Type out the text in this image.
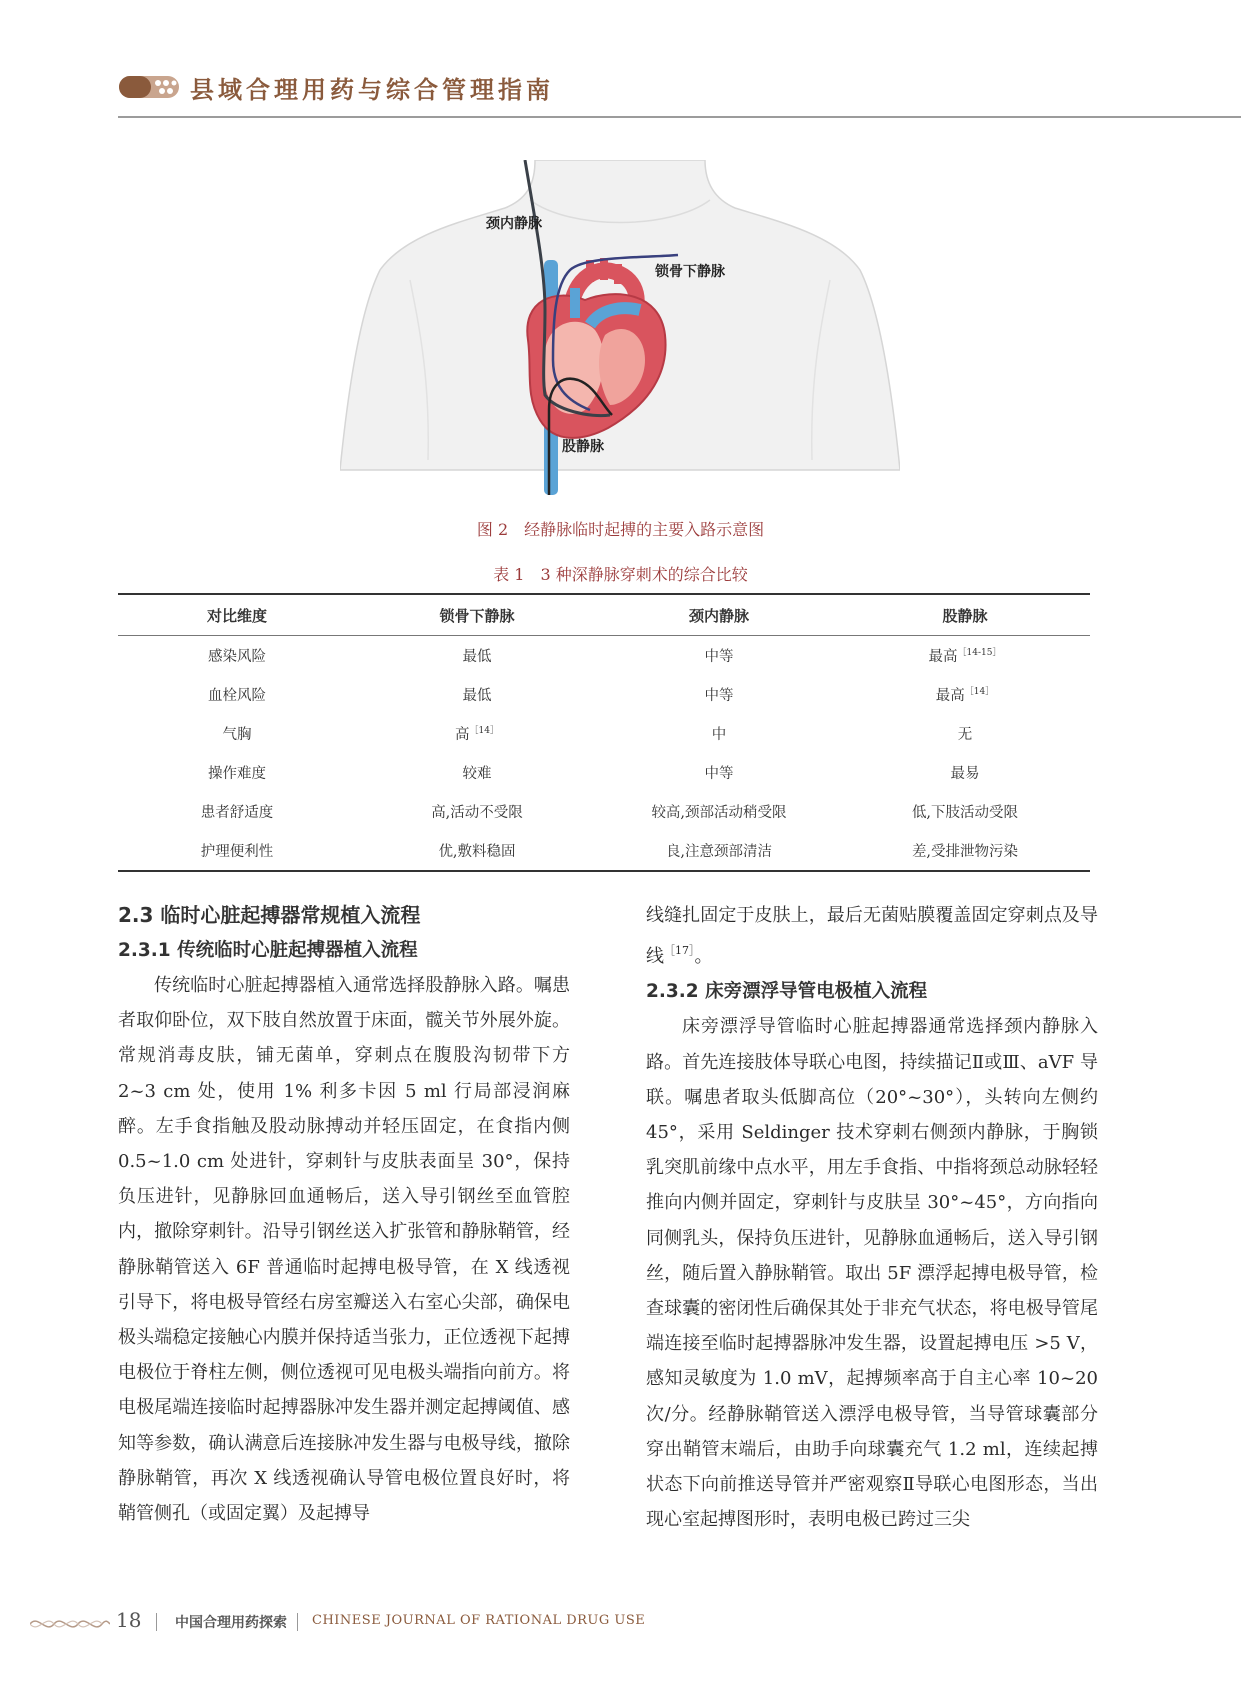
县域合理用药与综合管理指南
颈内静脉
锁骨下静脉
股静脉
图 2　经静脉临时起搏的主要入路示意图
表 1　3 种深静脉穿刺术的综合比较
对比维度	锁骨下静脉	颈内静脉	股静脉
感染风险	最低	中等	最高$^{[14-15]}$
血栓风险	最低	中等	最高$^{[14]}$
气胸	高$^{[14]}$	中	无
操作难度	较难	中等	最易
患者舒适度	高,活动不受限	较高,颈部活动稍受限	低,下肢活动受限
护理便利性	优,敷料稳固	良,注意颈部清洁	差,受排泄物污染
2.3 临时心脏起搏器常规植入流程
2.3.1 传统临时心脏起搏器植入流程

传统临时心脏起搏器植入通常选择股静脉入路。嘱患者取仰卧位，双下肢自然放置于床面，髋关节外展外旋。常规消毒皮肤，铺无菌单，穿刺点在腹股沟韧带下方 2~3 cm 处，使用 1% 利多卡因 5 ml 行局部浸润麻醉。左手食指触及股动脉搏动并轻压固定，在食指内侧 0.5~1.0 cm 处进针，穿刺针与皮肤表面呈 30°，保持负压进针，见静脉回血通畅后，送入导引钢丝至血管腔内，撤除穿刺针。沿导引钢丝送入扩张管和静脉鞘管，经静脉鞘管送入 6F 普通临时起搏电极导管，在 X 线透视引导下，将电极导管经右房室瓣送入右室心尖部，确保电极头端稳定接触心内膜并保持适当张力，正位透视下起搏电极位于脊柱左侧，侧位透视可见电极头端指向前方。将电极尾端连接临时起搏器脉冲发生器并测定起搏阈值、感知等参数，确认满意后连接脉冲发生器与电极导线，撤除静脉鞘管，再次 X 线透视确认导管电极位置良好时，将鞘管侧孔（或固定翼）及起搏导

线缝扎固定于皮肤上，最后无菌贴膜覆盖固定穿刺点及导线$^{[17]}$。

2.3.2 床旁漂浮导管电极植入流程

床旁漂浮导管临时心脏起搏器通常选择颈内静脉入路。首先连接肢体导联心电图，持续描记Ⅱ或Ⅲ、aVF 导联。嘱患者取头低脚高位（20°~30°），头转向左侧约 45°，采用 Seldinger 技术穿刺右侧颈内静脉，于胸锁乳突肌前缘中点水平，用左手食指、中指将颈总动脉轻轻推向内侧并固定，穿刺针与皮肤呈 30°~45°，方向指向同侧乳头，保持负压进针，见静脉血通畅后，送入导引钢丝，随后置入静脉鞘管。取出 5F 漂浮起搏电极导管，检查球囊的密闭性后确保其处于非充气状态，将电极导管尾端连接至临时起搏器脉冲发生器，设置起搏电压 >5 V，感知灵敏度为 1.0 mV，起搏频率高于自主心率 10~20 次/分。经静脉鞘管送入漂浮电极导管，当导管球囊部分穿出鞘管末端后，由助手向球囊充气 1.2 ml，连续起搏状态下向前推送导管并严密观察Ⅱ导联心电图形态，当出现心室起搏图形时，表明电极已跨过三尖

18 中国合理用药探索 CHINESE JOURNAL OF RATIONAL DRUG USE
